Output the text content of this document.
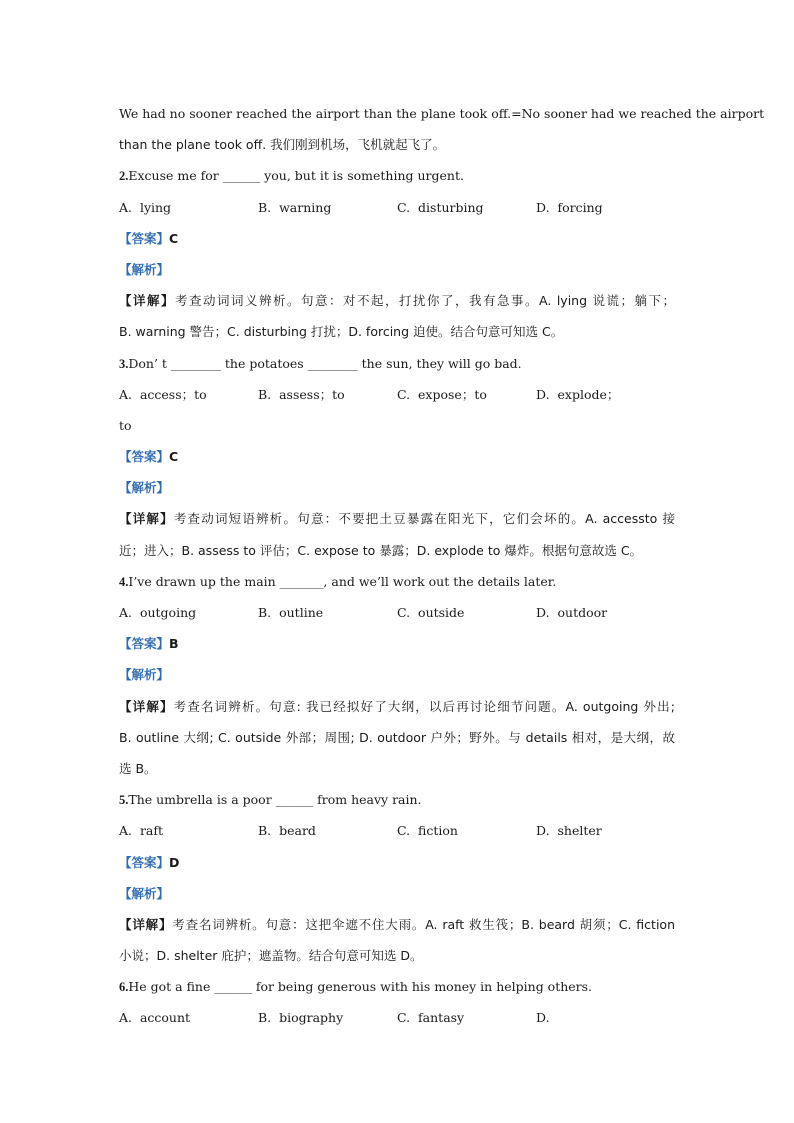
We had no sooner reached the airport than the plane took off.=No sooner had we reached the airport
than the plane took off. 我们刚到机场，飞机就起飞了。
2.Excuse me for ______ you, but it is something urgent.
A.  lying	B.  warning	C.  disturbing	D.  forcing
【答案】C
【解析】
【详解】考查动词词义辨析。句意：对不起，打扰你了，我有急事。A. lying 说谎；躺下；
B. warning 警告；C. disturbing 打扰；D. forcing 迫使。结合句意可知选 C。
3.Don’ t ________ the potatoes ________ the sun, they will go bad.
A.  access；to	B.  assess；to	C.  expose；to	D.  explode；
to
【答案】C
【解析】
【详解】考查动词短语辨析。句意：不要把土豆暴露在阳光下，它们会坏的。A. accessto 接
近；进入；B. assess to 评估；C. expose to 暴露；D. explode to 爆炸。根据句意故选 C。
4.I’ve drawn up the main _______, and we’ll work out the details later.
A.  outgoing	B.  outline	C.  outside	D.  outdoor
【答案】B
【解析】
【详解】考查名词辨析。句意: 我已经拟好了大纲，以后再讨论细节问题。A. outgoing 外出;
B. outline 大纲; C. outside 外部；周围; D. outdoor 户外；野外。与 details 相对，是大纲，故
选 B。
5.The umbrella is a poor ______ from heavy rain.
A.  raft	B.  beard	C.  fiction	D.  shelter
【答案】D
【解析】
【详解】考查名词辨析。句意：这把伞遮不住大雨。A. raft 救生筏；B. beard 胡须；C. fiction
小说；D. shelter 庇护；遮盖物。结合句意可知选 D。
6.He got a fine ______ for being generous with his money in helping others.
A.  account	B.  biography	C.  fantasy	D.
